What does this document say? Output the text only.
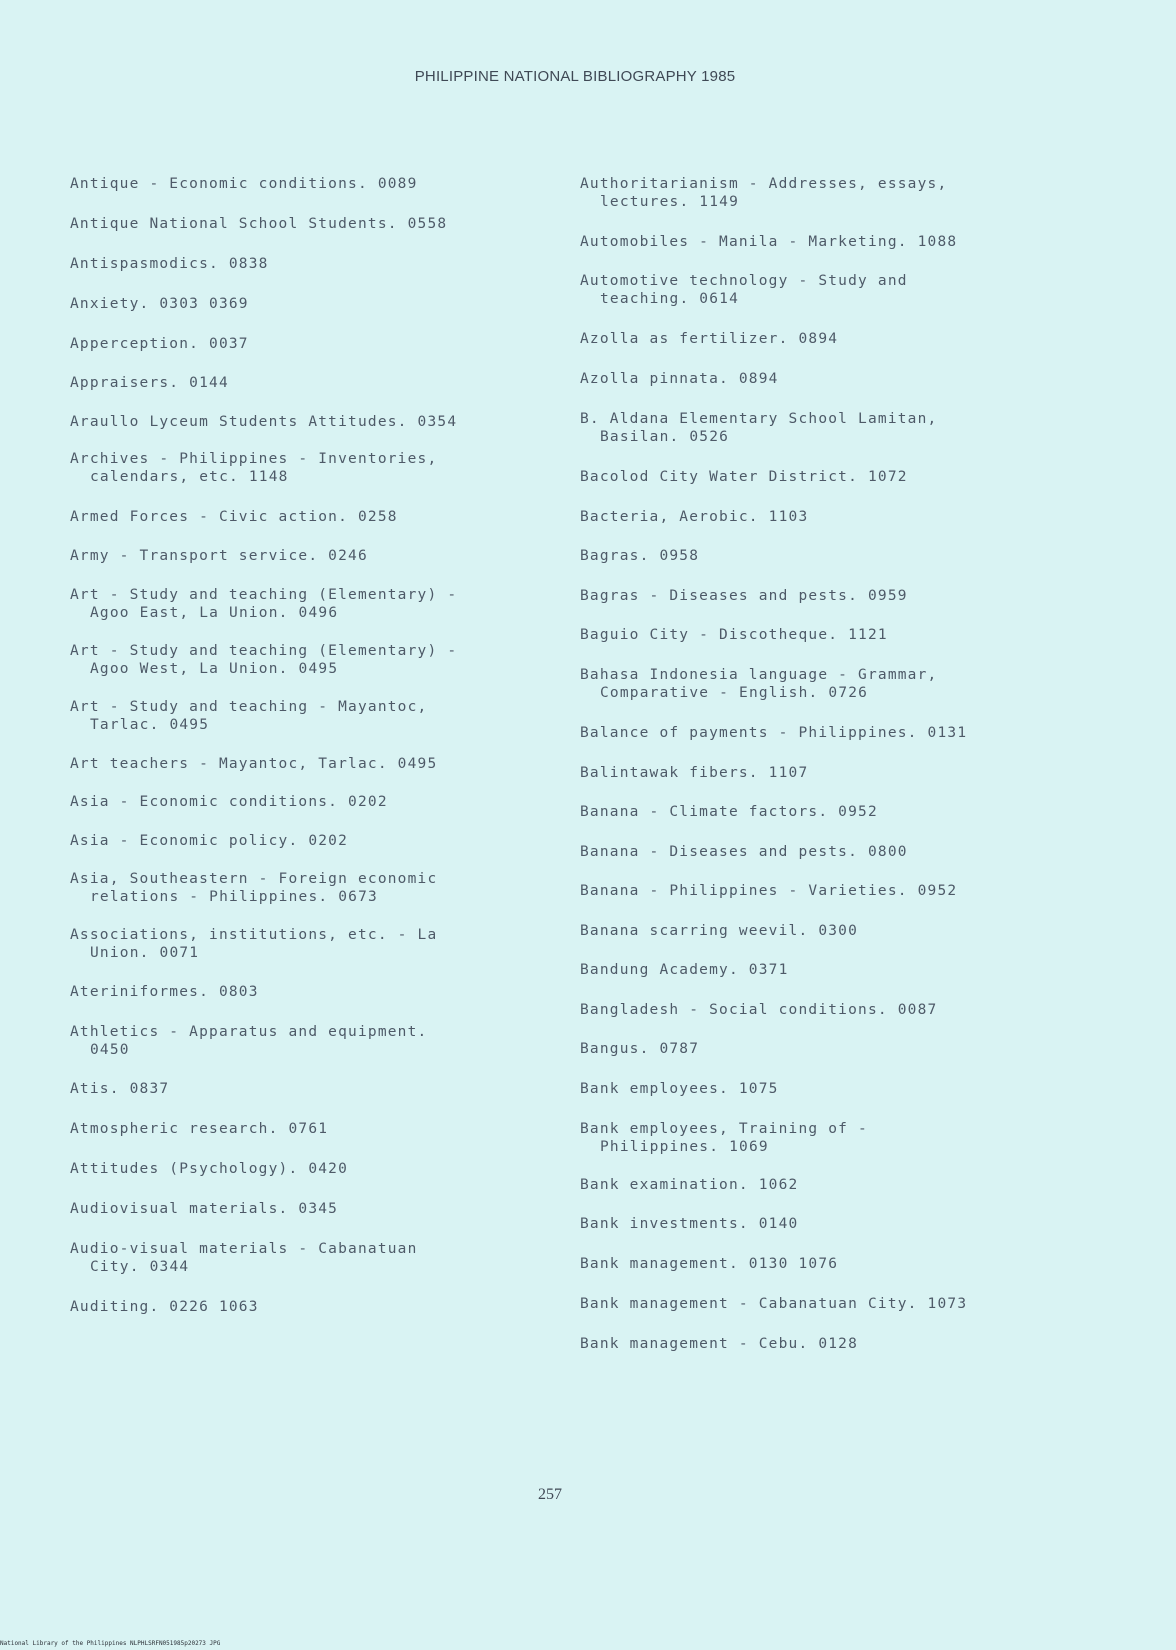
PHILIPPINE NATIONAL BIBLIOGRAPHY 1985
Antique - Economic conditions. 0089
Antique National School Students. 0558
Antispasmodics. 0838
Anxiety. 0303 0369
Apperception. 0037
Appraisers. 0144
Araullo Lyceum Students Attitudes. 0354
Archives - Philippines - Inventories,
calendars, etc. 1148
Armed Forces - Civic action. 0258
Army - Transport service. 0246
Art - Study and teaching (Elementary) -
Agoo East, La Union. 0496
Art - Study and teaching (Elementary) -
Agoo West, La Union. 0495
Art - Study and teaching - Mayantoc,
Tarlac. 0495
Art teachers - Mayantoc, Tarlac. 0495
Asia - Economic conditions. 0202
Asia - Economic policy. 0202
Asia, Southeastern - Foreign economic
relations - Philippines. 0673
Associations, institutions, etc. - La
Union. 0071
Ateriniformes. 0803
Athletics - Apparatus and equipment.
0450
Atis. 0837
Atmospheric research. 0761
Attitudes (Psychology). 0420
Audiovisual materials. 0345
Audio-visual materials - Cabanatuan
City. 0344
Auditing. 0226 1063
Authoritarianism - Addresses, essays,
lectures. 1149
Automobiles - Manila - Marketing. 1088
Automotive technology - Study and
teaching. 0614
Azolla as fertilizer. 0894
Azolla pinnata. 0894
B. Aldana Elementary School Lamitan,
Basilan. 0526
Bacolod City Water District. 1072
Bacteria, Aerobic. 1103
Bagras. 0958
Bagras - Diseases and pests. 0959
Baguio City - Discotheque. 1121
Bahasa Indonesia language - Grammar,
Comparative - English. 0726
Balance of payments - Philippines. 0131
Balintawak fibers. 1107
Banana - Climate factors. 0952
Banana - Diseases and pests. 0800
Banana - Philippines - Varieties. 0952
Banana scarring weevil. 0300
Bandung Academy. 0371
Bangladesh - Social conditions. 0087
Bangus. 0787
Bank employees. 1075
Bank employees, Training of -
Philippines. 1069
Bank examination. 1062
Bank investments. 0140
Bank management. 0130 1076
Bank management - Cabanatuan City. 1073
Bank management - Cebu. 0128
257
National Library of the Philippines NLPHLSRFN051985p20273 JPG
